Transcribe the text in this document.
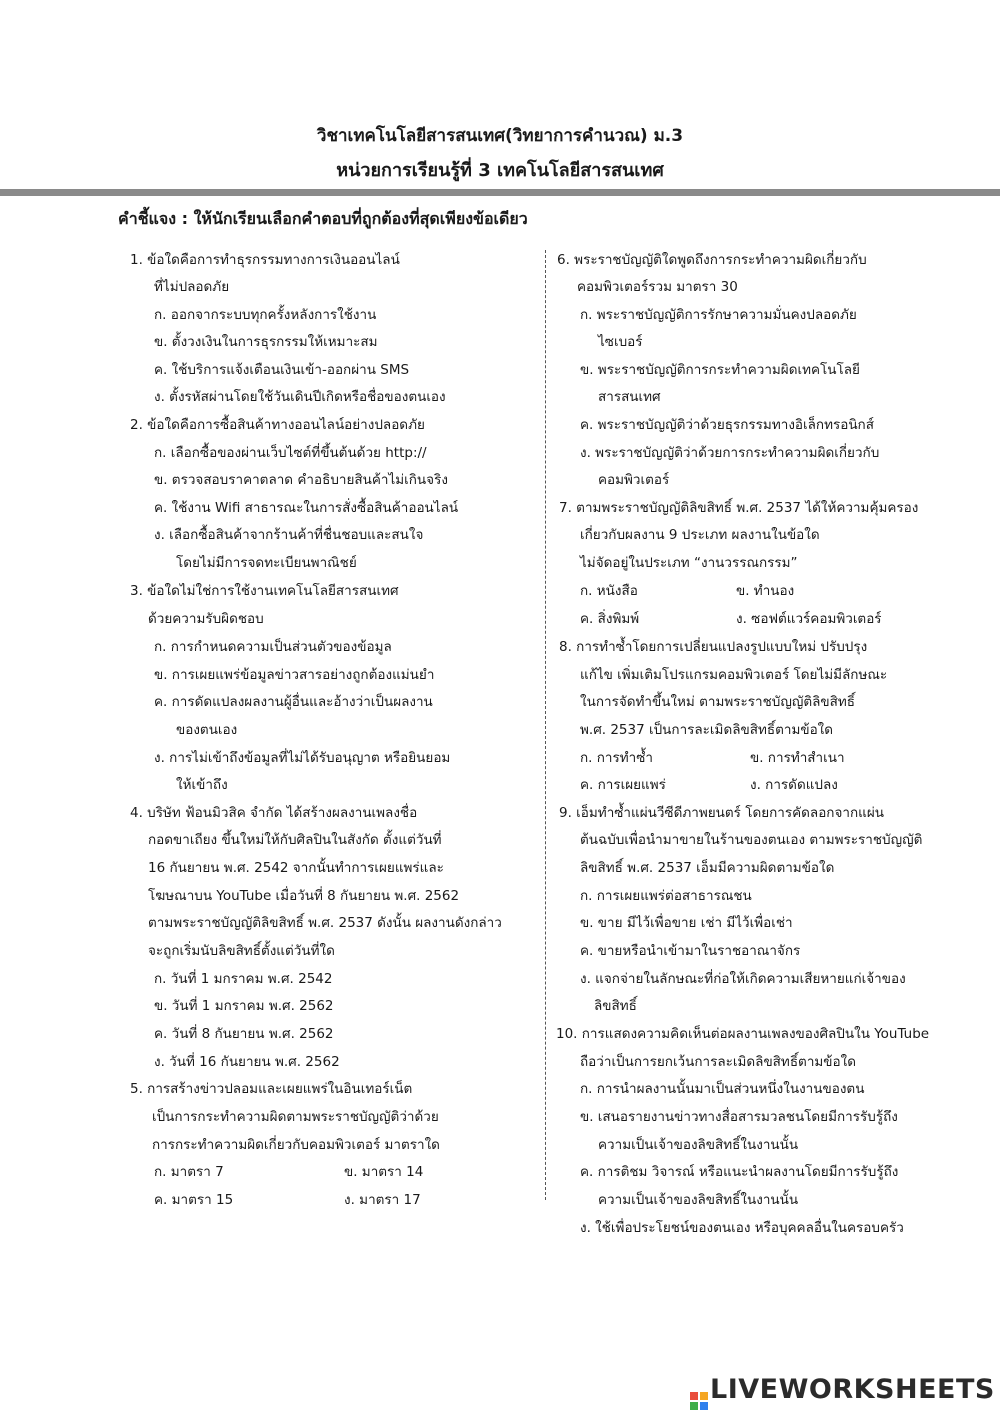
วิชาเทคโนโลยีสารสนเทศ(วิทยาการคำนวณ) ม.3
หน่วยการเรียนรู้ที่ 3 เทคโนโลยีสารสนเทศ
คำชี้แจง : ให้นักเรียนเลือกคำตอบที่ถูกต้องที่สุดเพียงข้อเดียว
1. ข้อใดคือการทำธุรกรรมทางการเงินออนไลน์
ที่ไม่ปลอดภัย
ก. ออกจากระบบทุกครั้งหลังการใช้งาน
ข. ตั้งวงเงินในการธุรกรรมให้เหมาะสม
ค. ใช้บริการแจ้งเตือนเงินเข้า-ออกผ่าน SMS
ง. ตั้งรหัสผ่านโดยใช้วันเดินปีเกิดหรือชื่อของตนเอง
2. ข้อใดคือการซื้อสินค้าทางออนไลน์อย่างปลอดภัย
ก. เลือกซื้อของผ่านเว็บไซต์ที่ขึ้นต้นด้วย http://
ข. ตรวจสอบราคาตลาด คำอธิบายสินค้าไม่เกินจริง
ค. ใช้งาน Wifi สาธารณะในการสั่งซื้อสินค้าออนไลน์
ง. เลือกซื้อสินค้าจากร้านค้าที่ชื่นชอบและสนใจ
โดยไม่มีการจดทะเบียนพาณิชย์
3. ข้อใดไม่ใช่การใช้งานเทคโนโลยีสารสนเทศ
ด้วยความรับผิดชอบ
ก. การกำหนดความเป็นส่วนตัวของข้อมูล
ข. การเผยแพร่ข้อมูลข่าวสารอย่างถูกต้องแม่นยำ
ค. การดัดแปลงผลงานผู้อื่นและอ้างว่าเป็นผลงาน
ของตนเอง
ง. การไม่เข้าถึงข้อมูลที่ไม่ได้รับอนุญาต หรือยินยอม
ให้เข้าถึง
4. บริษัท ฟ้อนมิวสิค จำกัด ได้สร้างผลงานเพลงชื่อ
กอดขาเถียง ขึ้นใหม่ให้กับศิลปินในสังกัด ตั้งแต่วันที่
16 กันยายน พ.ศ. 2542 จากนั้นทำการเผยแพร่และ
โฆษณาบน YouTube เมื่อวันที่ 8 กันยายน พ.ศ. 2562
ตามพระราชบัญญัติลิขสิทธิ์ พ.ศ. 2537 ดังนั้น ผลงานดังกล่าว
จะถูกเริ่มนับลิขสิทธิ์ตั้งแต่วันที่ใด
ก. วันที่ 1 มกราคม พ.ศ. 2542
ข. วันที่ 1 มกราคม พ.ศ. 2562
ค. วันที่ 8 กันยายน พ.ศ. 2562
ง. วันที่ 16 กันยายน พ.ศ. 2562
5. การสร้างข่าวปลอมและเผยแพร่ในอินเทอร์เน็ต
เป็นการกระทำความผิดตามพระราชบัญญัติว่าด้วย
การกระทำความผิดเกี่ยวกับคอมพิวเตอร์ มาตราใด
ก. มาตรา 7	ข. มาตรา 14
ค. มาตรา 15	ง. มาตรา 17
6. พระราชบัญญัติใดพูดถึงการกระทำความผิดเกี่ยวกับ
คอมพิวเตอร์รวม มาตรา 30
ก. พระราชบัญญัติการรักษาความมั่นคงปลอดภัย
ไซเบอร์
ข. พระราชบัญญัติการกระทำความผิดเทคโนโลยี
สารสนเทศ
ค. พระราชบัญญัติว่าด้วยธุรกรรมทางอิเล็กทรอนิกส์
ง. พระราชบัญญัติว่าด้วยการกระทำความผิดเกี่ยวกับ
คอมพิวเตอร์
7. ตามพระราชบัญญัติลิขสิทธิ์ พ.ศ. 2537 ได้ให้ความคุ้มครอง
เกี่ยวกับผลงาน 9 ประเภท ผลงานในข้อใด
ไม่จัดอยู่ในประเภท “งานวรรณกรรม”
ก. หนังสือ	ข. ทำนอง
ค. สิ่งพิมพ์	ง. ซอฟต์แวร์คอมพิวเตอร์
8. การทำซ้ำโดยการเปลี่ยนแปลงรูปแบบใหม่ ปรับปรุง
แก้ไข เพิ่มเติมโปรแกรมคอมพิวเตอร์ โดยไม่มีลักษณะ
ในการจัดทำขึ้นใหม่ ตามพระราชบัญญัติลิขสิทธิ์
พ.ศ. 2537 เป็นการละเมิดลิขสิทธิ์ตามข้อใด
ก. การทำซ้ำ	ข. การทำสำเนา
ค. การเผยแพร่	ง. การดัดแปลง
9. เอ็มทำซ้ำแผ่นวีซีดีภาพยนตร์ โดยการคัดลอกจากแผ่น
ต้นฉบับเพื่อนำมาขายในร้านของตนเอง ตามพระราชบัญญัติ
ลิขสิทธิ์ พ.ศ. 2537 เอ็มมีความผิดตามข้อใด
ก. การเผยแพร่ต่อสาธารณชน
ข. ขาย มีไว้เพื่อขาย เช่า มีไว้เพื่อเช่า
ค. ขายหรือนำเข้ามาในราชอาณาจักร
ง. แจกจ่ายในลักษณะที่ก่อให้เกิดความเสียหายแก่เจ้าของ
ลิขสิทธิ์
10. การแสดงความคิดเห็นต่อผลงานเพลงของศิลปินใน YouTube
ถือว่าเป็นการยกเว้นการละเมิดลิขสิทธิ์ตามข้อใด
ก. การนำผลงานนั้นมาเป็นส่วนหนึ่งในงานของตน
ข. เสนอรายงานข่าวทางสื่อสารมวลชนโดยมีการรับรู้ถึง
ความเป็นเจ้าของลิขสิทธิ์ในงานนั้น
ค. การติชม วิจารณ์ หรือแนะนำผลงานโดยมีการรับรู้ถึง
ความเป็นเจ้าของลิขสิทธิ์ในงานนั้น
ง. ใช้เพื่อประโยชน์ของตนเอง หรือบุคคลอื่นในครอบครัว
LIVEWORKSHEETS
